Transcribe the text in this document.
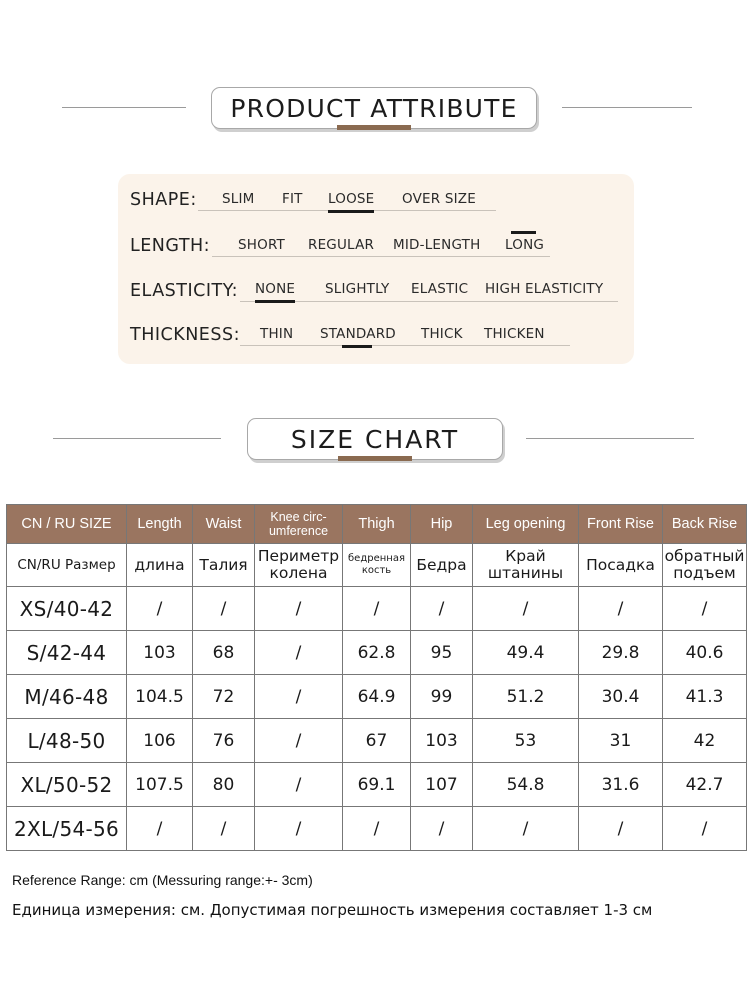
PRODUCT ATTRIBUTE
SHAPE: SLIM FIT LOOSE OVER SIZE
LENGTH: SHORT REGULAR MID-LENGTH LONG
ELASTICITY: NONE SLIGHTLY ELASTIC HIGH ELASTICITY
THICKNESS: THIN STANDARD THICK THICKEN
SIZE CHART
CN / RU SIZE	Length	Waist	Knee circ-umference	Thigh	Hip	Leg opening	Front Rise	Back Rise
CN/RU Размер	длина	Талия	Периметр колена	бедренная кость	Бедра	Край штанины	Посадка	обратный подъем
XS/40-42	/	/	/	/	/	/	/	/
S/42-44	103	68	/	62.8	95	49.4	29.8	40.6
M/46-48	104.5	72	/	64.9	99	51.2	30.4	41.3
L/48-50	106	76	/	67	103	53	31	42
XL/50-52	107.5	80	/	69.1	107	54.8	31.6	42.7
2XL/54-56	/	/	/	/	/	/	/	/
Reference Range: cm (Messuring range:+- 3cm)
Единица измерения: см. Допустимая погрешность измерения составляет 1-3 см
